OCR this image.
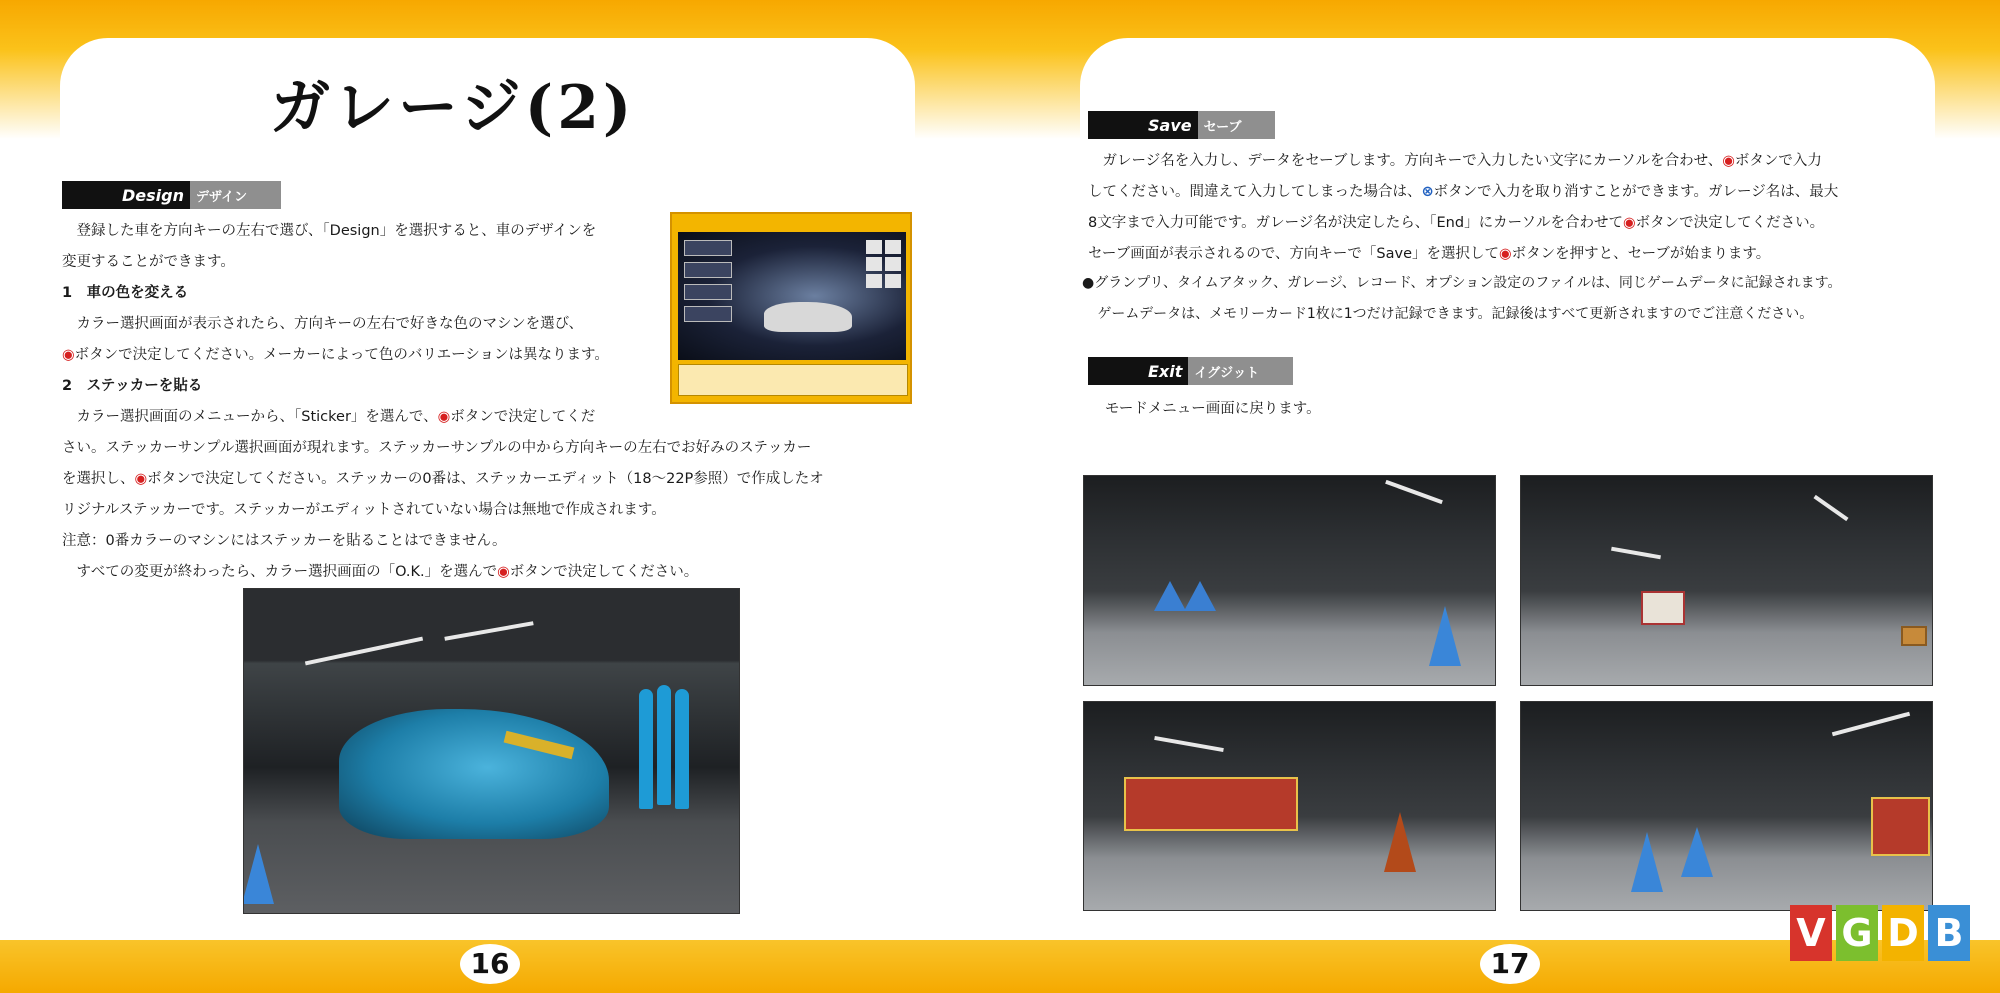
ガレージ(2)
Design デザイン

登録した車を方向キーの左右で選び、「Design」を選択すると、車のデザインを

変更することができます。

1　車の色を変える

カラー選択画面が表示されたら、方向キーの左右で好きな色のマシンを選び、

◉ボタンで決定してください。メーカーによって色のバリエーションは異なります。

2　ステッカーを貼る

カラー選択画面のメニューから、「Sticker」を選んで、◉ボタンで決定してくだ

さい。ステッカーサンプル選択画面が現れます。ステッカーサンプルの中から方向キーの左右でお好みのステッカー

を選択し、◉ボタンで決定してください。ステッカーの0番は、ステッカーエディット（18～22P参照）で作成したオ

リジナルステッカーです。ステッカーがエディットされていない場合は無地で作成されます。

注意：0番カラーのマシンにはステッカーを貼ることはできません。

すべての変更が終わったら、カラー選択画面の「O.K.」を選んで◉ボタンで決定してください。

16
Save セーブ

ガレージ名を入力し、データをセーブします。方向キーで入力したい文字にカーソルを合わせ、◉ボタンで入力

してください。間違えて入力してしまった場合は、⊗ボタンで入力を取り消すことができます。ガレージ名は、最大

8文字まで入力可能です。ガレージ名が決定したら、「End」にカーソルを合わせて◉ボタンで決定してください。

セーブ画面が表示されるので、方向キーで「Save」を選択して◉ボタンを押すと、セーブが始まります。

●グランプリ、タイムアタック、ガレージ、レコード、オプション設定のファイルは、同じゲームデータに記録されます。

ゲームデータは、メモリーカード1枚に1つだけ記録できます。記録後はすべて更新されますのでご注意ください。

Exit イグジット
モードメニュー画面に戻ります。
17
V G D B
